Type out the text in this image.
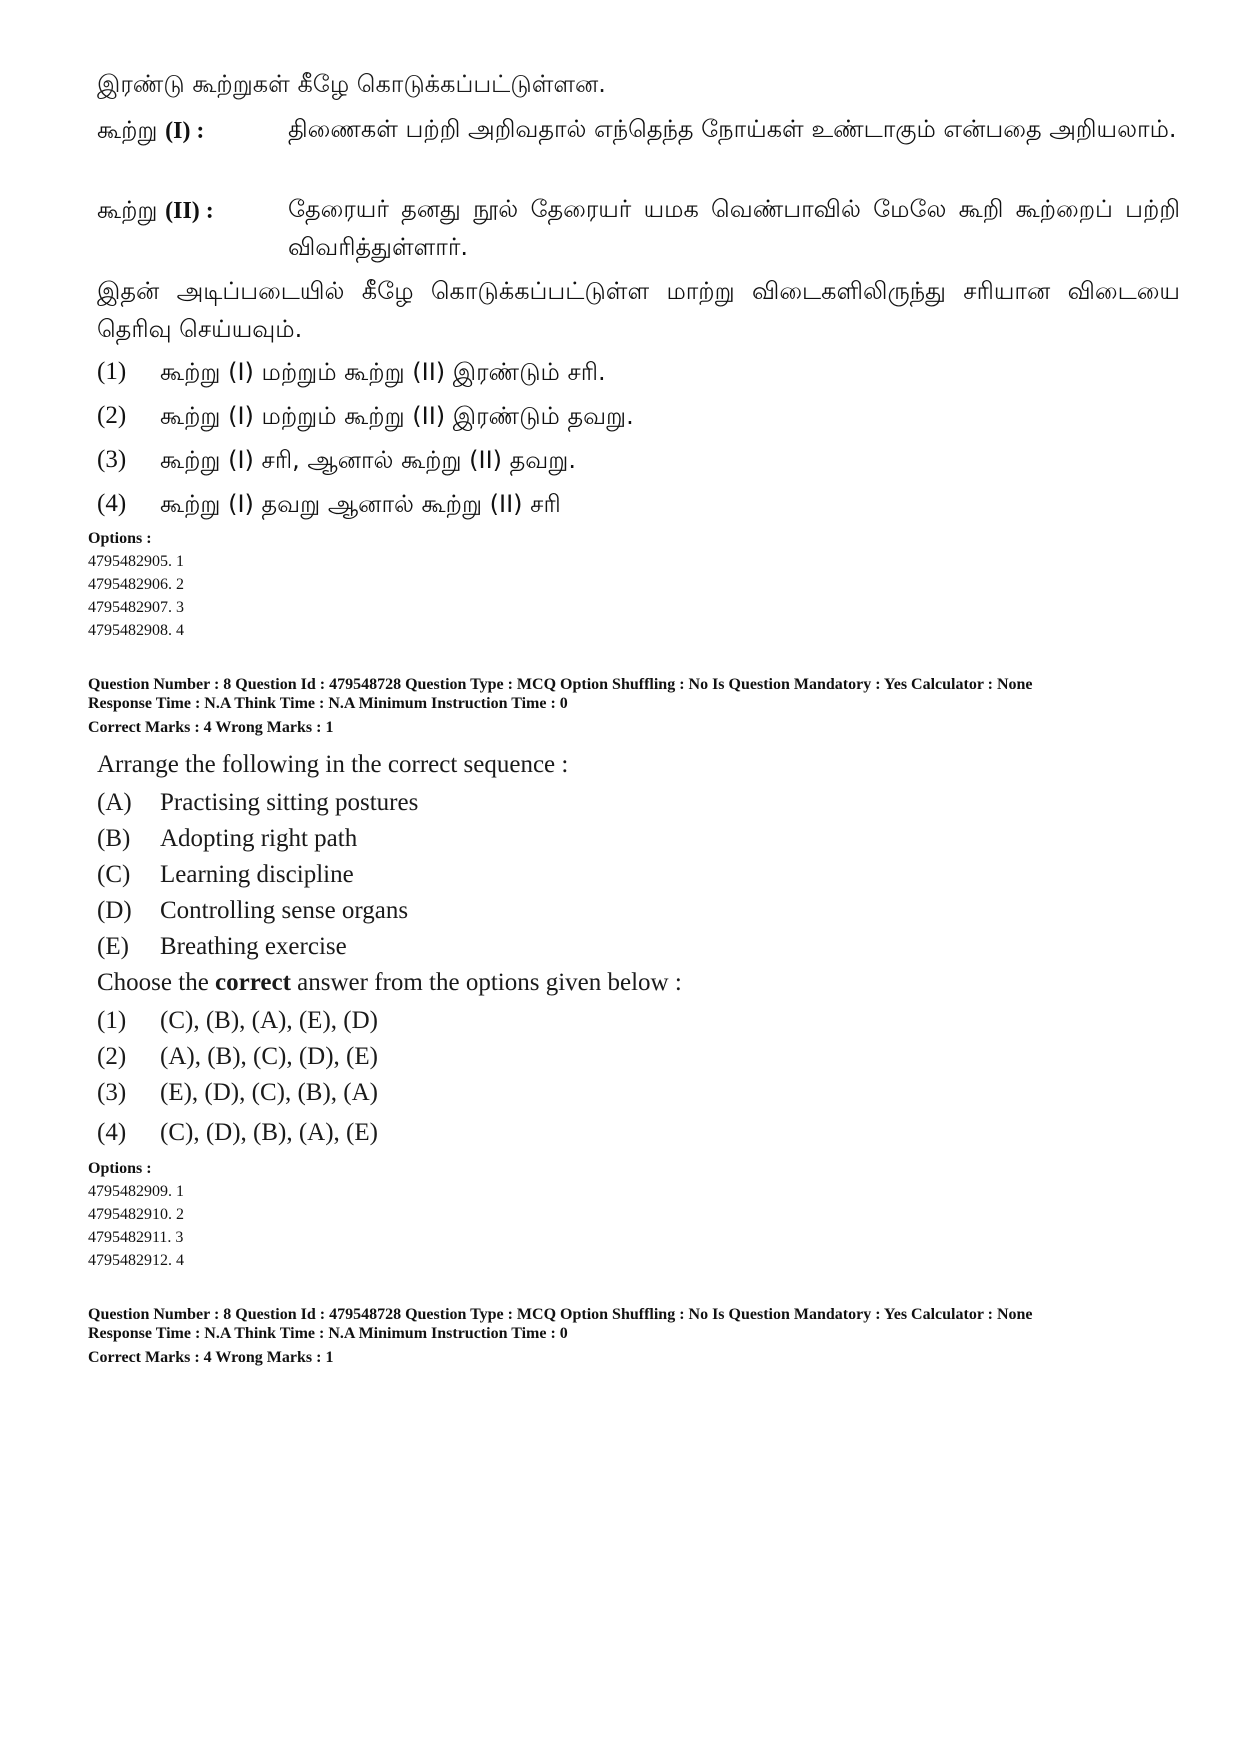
இரண்டு கூற்றுகள் கீழே கொடுக்கப்பட்டுள்ளன.
கூற்று (I) :	திணைகள் பற்றி அறிவதால் எந்தெந்த நோய்கள் உண்டாகும் என்பதை அறியலாம்.
கூற்று (II) :	தேரையர் தனது நூல் தேரையர் யமக வெண்பாவில் மேலே கூறி கூற்றைப் பற்றி விவரித்துள்ளார்.
இதன் அடிப்படையில் கீழே கொடுக்கப்பட்டுள்ள மாற்று விடைகளிலிருந்து சரியான விடையை தெரிவு செய்யவும்.
(1) கூற்று (I) மற்றும் கூற்று (II) இரண்டும் சரி.
(2) கூற்று (I) மற்றும் கூற்று (II) இரண்டும் தவறு.
(3) கூற்று (I) சரி, ஆனால் கூற்று (II) தவறு.
(4) கூற்று (I) தவறு ஆனால் கூற்று (II) சரி
Options :
4795482905. 1
4795482906. 2
4795482907. 3
4795482908. 4
Question Number : 8 Question Id : 479548728 Question Type : MCQ Option Shuffling : No Is Question Mandatory : Yes Calculator : None
Response Time : N.A Think Time : N.A Minimum Instruction Time : 0
Correct Marks : 4 Wrong Marks : 1
Arrange the following in the correct sequence :
(A) Practising sitting postures
(B) Adopting right path
(C) Learning discipline
(D) Controlling sense organs
(E) Breathing exercise
Choose the correct answer from the options given below :
(1) (C), (B), (A), (E), (D)
(2) (A), (B), (C), (D), (E)
(3) (E), (D), (C), (B), (A)
(4) (C), (D), (B), (A), (E)
Options :
4795482909. 1
4795482910. 2
4795482911. 3
4795482912. 4
Question Number : 8 Question Id : 479548728 Question Type : MCQ Option Shuffling : No Is Question Mandatory : Yes Calculator : None
Response Time : N.A Think Time : N.A Minimum Instruction Time : 0
Correct Marks : 4 Wrong Marks : 1
